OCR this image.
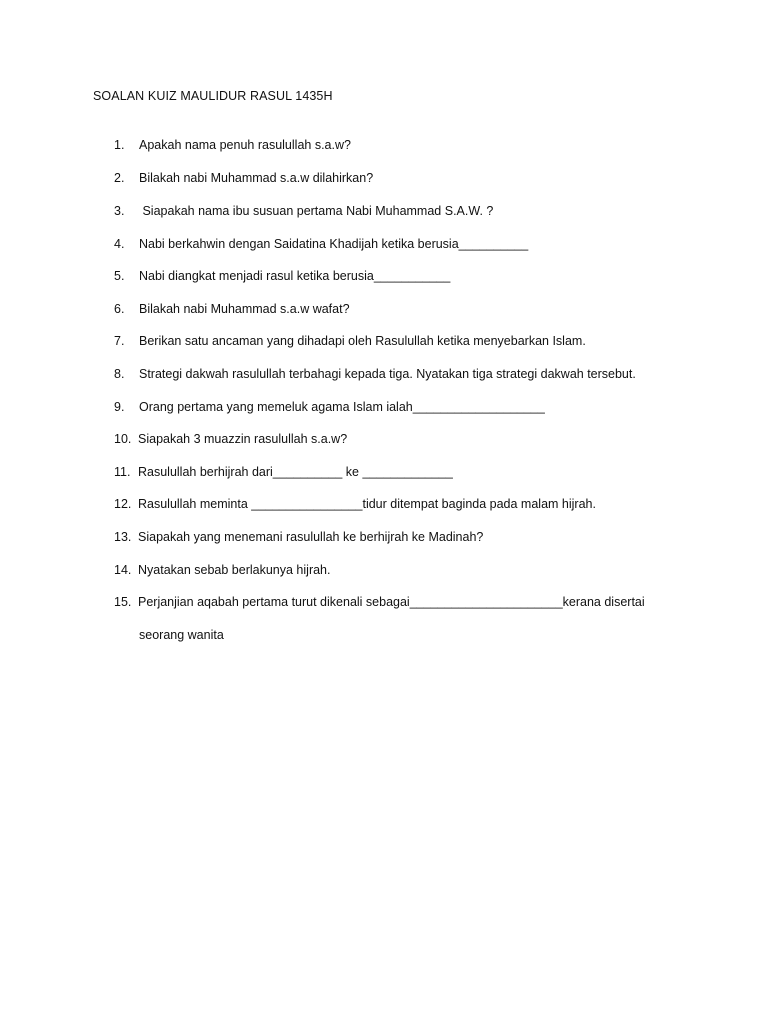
SOALAN KUIZ MAULIDUR RASUL 1435H
1. Apakah nama penuh rasulullah s.a.w?
2. Bilakah nabi Muhammad s.a.w dilahirkan?
3. Siapakah nama ibu susuan pertama Nabi Muhammad S.A.W. ?
4. Nabi berkahwin dengan Saidatina Khadijah ketika berusia__________
5. Nabi diangkat menjadi rasul ketika berusia___________
6. Bilakah nabi Muhammad s.a.w wafat?
7. Berikan satu ancaman yang dihadapi oleh Rasulullah ketika menyebarkan Islam.
8. Strategi dakwah rasulullah terbahagi kepada tiga. Nyatakan tiga strategi dakwah tersebut.
9. Orang pertama yang memeluk agama Islam ialah___________________
10. Siapakah 3 muazzin rasulullah s.a.w?
11. Rasulullah berhijrah dari__________ ke _____________
12. Rasulullah meminta ________________tidur ditempat baginda pada malam hijrah.
13. Siapakah yang menemani rasulullah ke berhijrah ke Madinah?
14. Nyatakan sebab berlakunya hijrah.
15. Perjanjian aqabah pertama turut dikenali sebagai______________________kerana disertai
seorang wanita
